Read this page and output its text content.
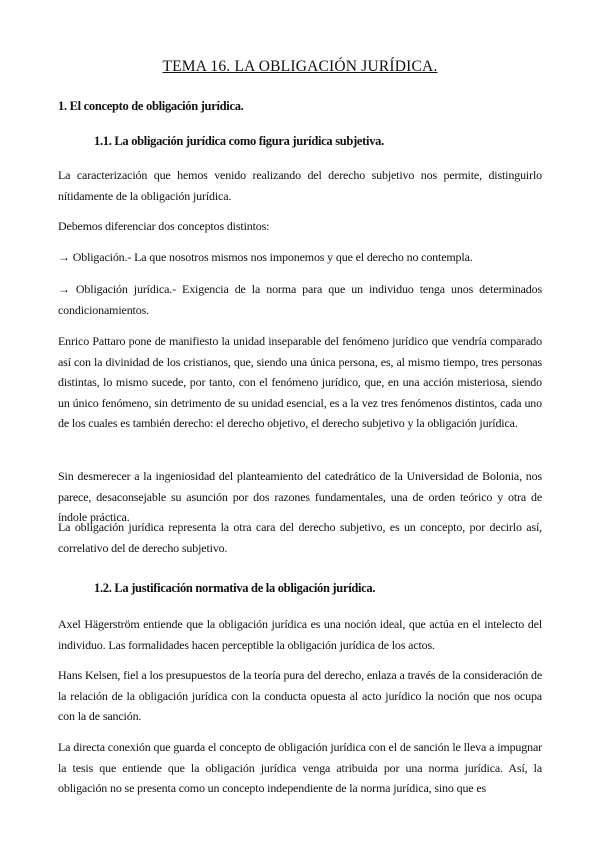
TEMA 16. LA OBLIGACIÓN JURÍDICA.
1. El concepto de obligación jurídica.
1.1. La obligación jurídica como figura jurídica subjetiva.
La caracterización que hemos venido realizando del derecho subjetivo nos permite, distinguirlo nítidamente de la obligación jurídica.
Debemos diferenciar dos conceptos distintos:
→ Obligación.- La que nosotros mismos nos imponemos y que el derecho no contempla.
→ Obligación jurídica.- Exigencia de la norma para que un individuo tenga unos determinados condicionamientos.
Enrico Pattaro pone de manifiesto la unidad inseparable del fenómeno jurídico que vendría comparado así con la divinidad de los cristianos, que, siendo una única persona, es, al mismo tiempo, tres personas distintas, lo mismo sucede, por tanto, con el fenómeno jurídico, que, en una acción misteriosa, siendo un único fenómeno, sin detrimento de su unidad esencial, es a la vez tres fenómenos distintos, cada uno de los cuales es también derecho: el derecho objetivo, el derecho subjetivo y la obligación jurídica.
Sin desmerecer a la ingeniosidad del planteamiento del catedrático de la Universidad de Bolonia, nos parece, desaconsejable su asunción por dos razones fundamentales, una de orden teórico y otra de índole práctica.
La obligación jurídica representa la otra cara del derecho subjetivo, es un concepto, por decirlo así, correlativo del de derecho subjetivo.
1.2. La justificación normativa de la obligación jurídica.
Axel Hägerström entiende que la obligación jurídica es una noción ideal, que actúa en el intelecto del individuo. Las formalidades hacen perceptible la obligación jurídica de los actos.
Hans Kelsen, fiel a los presupuestos de la teoría pura del derecho, enlaza a través de la consideración de la relación de la obligación jurídica con la conducta opuesta al acto jurídico la noción que nos ocupa con la de sanción.
La directa conexión que guarda el concepto de obligación jurídica con el de sanción le lleva a impugnar la tesis que entiende que la obligación jurídica venga atribuida por una norma jurídica. Así, la obligación no se presenta como un concepto independiente de la norma jurídica, sino que es
